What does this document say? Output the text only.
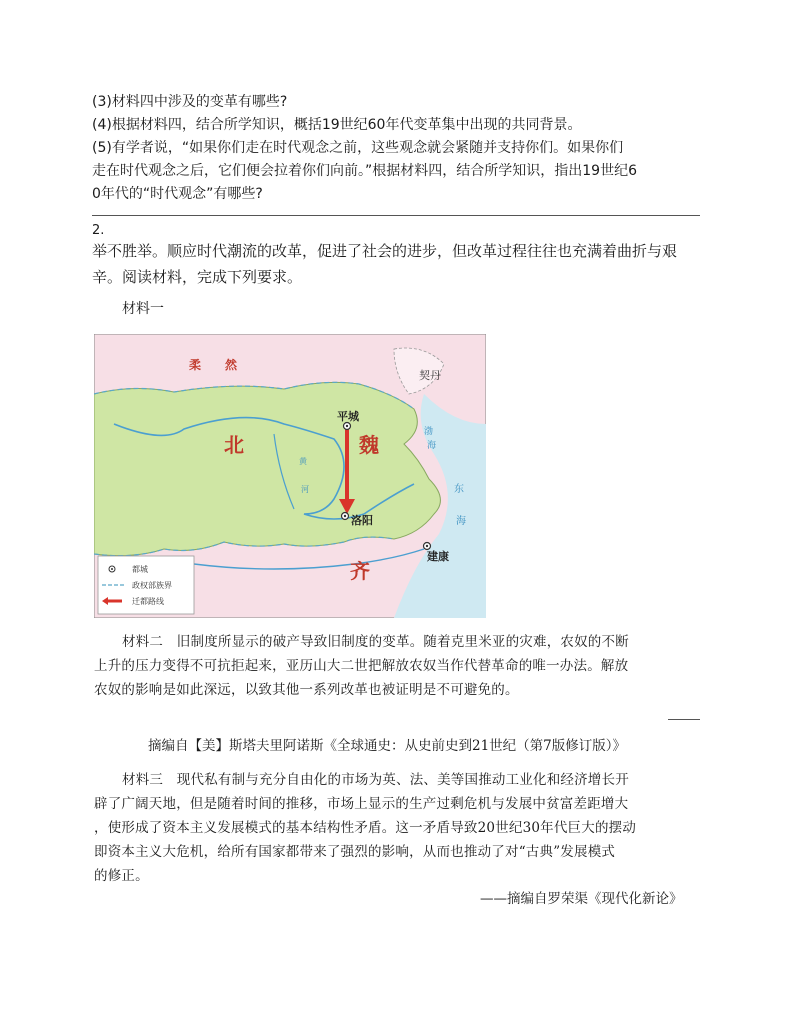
(3)材料四中涉及的变革有哪些?
(4)根据材料四，结合所学知识，概括19世纪60年代变革集中出现的共同背景。
(5)有学者说，“如果你们走在时代观念之前，这些观念就会紧随并支持你们。如果你们
走在时代观念之后，它们便会拉着你们向前。”根据材料四，结合所学知识，指出19世纪6
0年代的“时代观念”有哪些?
2.
举不胜举。顺应时代潮流的改革，促进了社会的进步，但改革过程往往也充满着曲折与艰
辛。阅读材料，完成下列要求。
材料一
柔　　然
契丹
北	魏
齐
平城
洛阳
建康
渤
海
东
海
黄
河
都城
政权部族界
迁都路线
材料二　旧制度所显示的破产导致旧制度的变革。随着克里米亚的灾难，农奴的不断
上升的压力变得不可抗拒起来，亚历山大二世把解放农奴当作代替革命的唯一办法。解放
农奴的影响是如此深远，以致其他一系列改革也被证明是不可避免的。
摘编自【美】斯塔夫里阿诺斯《全球通史：从史前史到21世纪（第7版修订版）》
材料三　现代私有制与充分自由化的市场为英、法、美等国推动工业化和经济增长开
辟了广阔天地，但是随着时间的推移，市场上显示的生产过剩危机与发展中贫富差距增大
，使形成了资本主义发展模式的基本结构性矛盾。这一矛盾导致20世纪30年代巨大的摆动
即资本主义大危机，给所有国家都带来了强烈的影响，从而也推动了对“古典”发展模式
的修正。
——摘编自罗荣渠《现代化新论》
